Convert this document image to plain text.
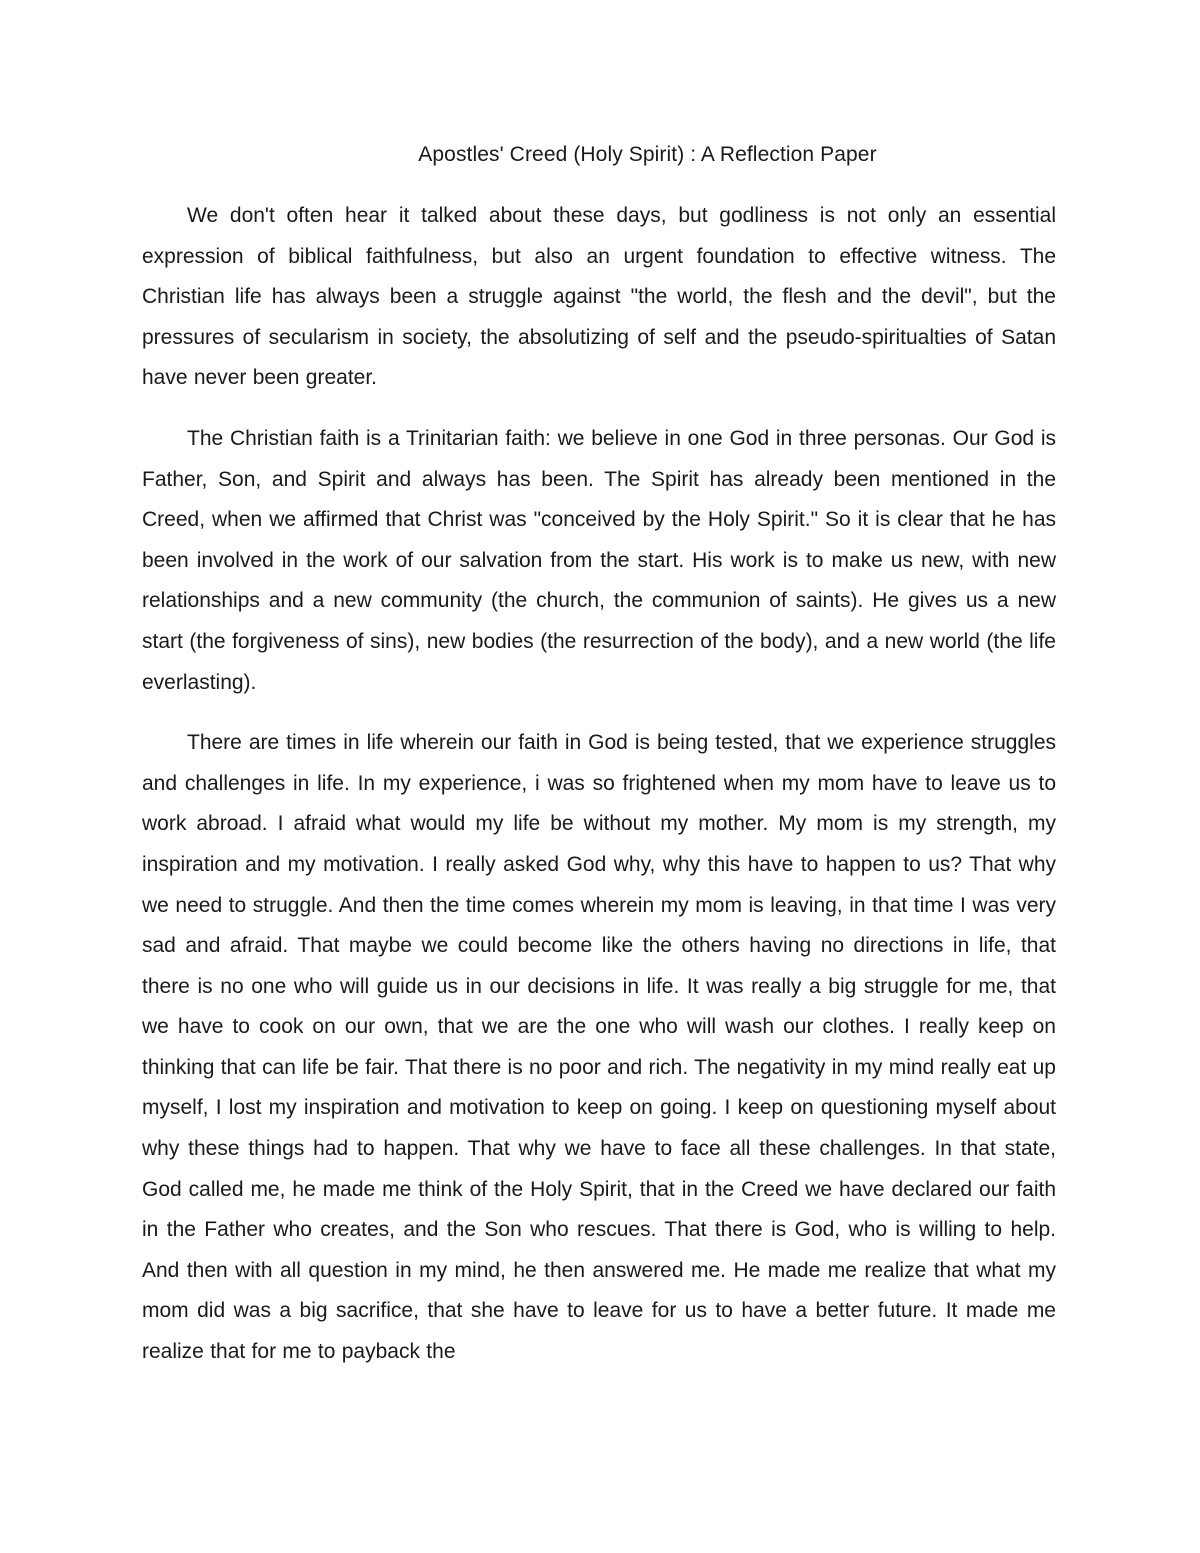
Apostles' Creed (Holy Spirit) : A Reflection Paper

We don't often hear it talked about these days, but godliness is not only an essential expression of biblical faithfulness, but also an urgent foundation to effective witness. The Christian life has always been a struggle against "the world, the flesh and the devil", but the pressures of secularism in society, the absolutizing of self and the pseudo-spiritualties of Satan have never been greater.

The Christian faith is a Trinitarian faith: we believe in one God in three personas. Our God is Father, Son, and Spirit and always has been. The Spirit has already been mentioned in the Creed, when we affirmed that Christ was "conceived by the Holy Spirit." So it is clear that he has been involved in the work of our salvation from the start. His work is to make us new, with new relationships and a new community (the church, the communion of saints). He gives us a new start (the forgiveness of sins), new bodies (the resurrection of the body), and a new world (the life everlasting).

There are times in life wherein our faith in God is being tested, that we experience struggles and challenges in life. In my experience, i was so frightened when my mom have to leave us to work abroad. I afraid what would my life be without my mother. My mom is my strength, my inspiration and my motivation. I really asked God why, why this have to happen to us? That why we need to struggle. And then the time comes wherein my mom is leaving, in that time I was very sad and afraid. That maybe we could become like the others having no directions in life, that there is no one who will guide us in our decisions in life. It was really a big struggle for me, that we have to cook on our own, that we are the one who will wash our clothes. I really keep on thinking that can life be fair. That there is no poor and rich. The negativity in my mind really eat up myself, I lost my inspiration and motivation to keep on going. I keep on questioning myself about why these things had to happen. That why we have to face all these challenges. In that state, God called me, he made me think of the Holy Spirit, that in the Creed we have declared our faith in the Father who creates, and the Son who rescues. That there is God, who is willing to help. And then with all question in my mind, he then answered me. He made me realize that what my mom did was a big sacrifice, that she have to leave for us to have a better future. It made me realize that for me to payback the
